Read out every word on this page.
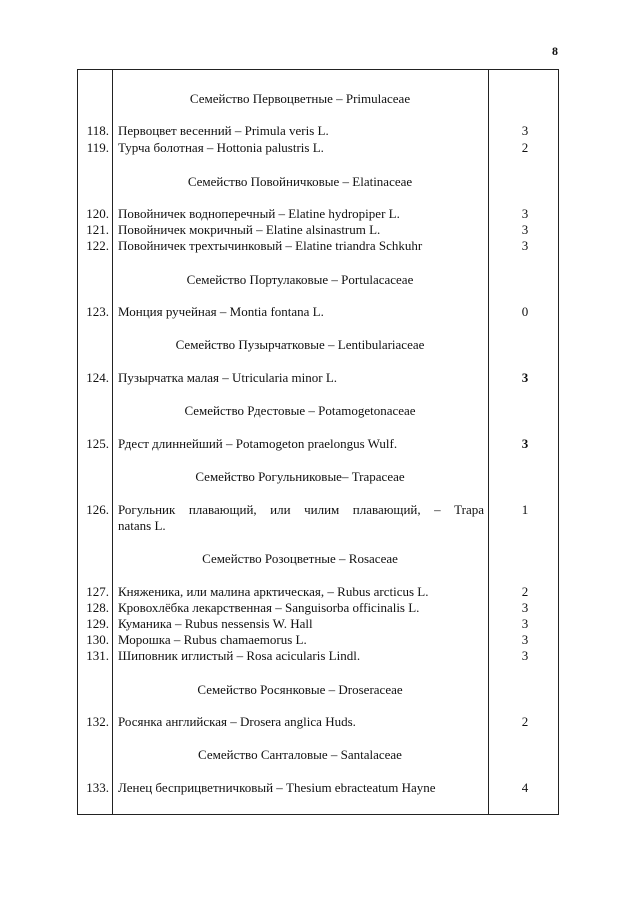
8
Семейство Первоцветные – Primulaceae
118. Первоцвет весенний – Primula veris L.	3
119. Турча болотная – Hottonia palustris L.	2
Семейство Повойничковые – Elatinaceae
120. Повойничек водноперечный – Elatine hydropiper L.	3
121. Повойничек мокричный – Elatine alsinastrum L.	3
122. Повойничек трехтычинковый – Elatine triandra Schkuhr	3
Семейство Портулаковые – Portulacaceae
123. Монция ручейная – Montia fontana L.	0
Семейство Пузырчатковые – Lentibulariaceae
124. Пузырчатка малая – Utricularia minor L.	3
Семейство Рдестовые – Potamogetonaceae
125. Рдест длиннейший – Potamogeton praelongus Wulf.	3
Семейство Рогульниковые– Trapaceae
126. Рогульник плавающий, или чилим плавающий, – Trapa	1
natans L.
Семейство Розоцветные – Rosaceae
127. Княженика, или малина арктическая, – Rubus arcticus L.	2
128. Кровохлёбка лекарственная – Sanguisorba officinalis L.	3
129. Куманика – Rubus nessensis W. Hall	3
130. Морошка – Rubus chamaemorus L.	3
131. Шиповник иглистый – Rosa acicularis Lindl.	3
Семейство Росянковые – Droseraceae
132. Росянка английская – Drosera anglica Huds.	2
Семейство Санталовые – Santalaceae
133. Ленец бесприцветничковый – Thesium ebracteatum Hayne	4
